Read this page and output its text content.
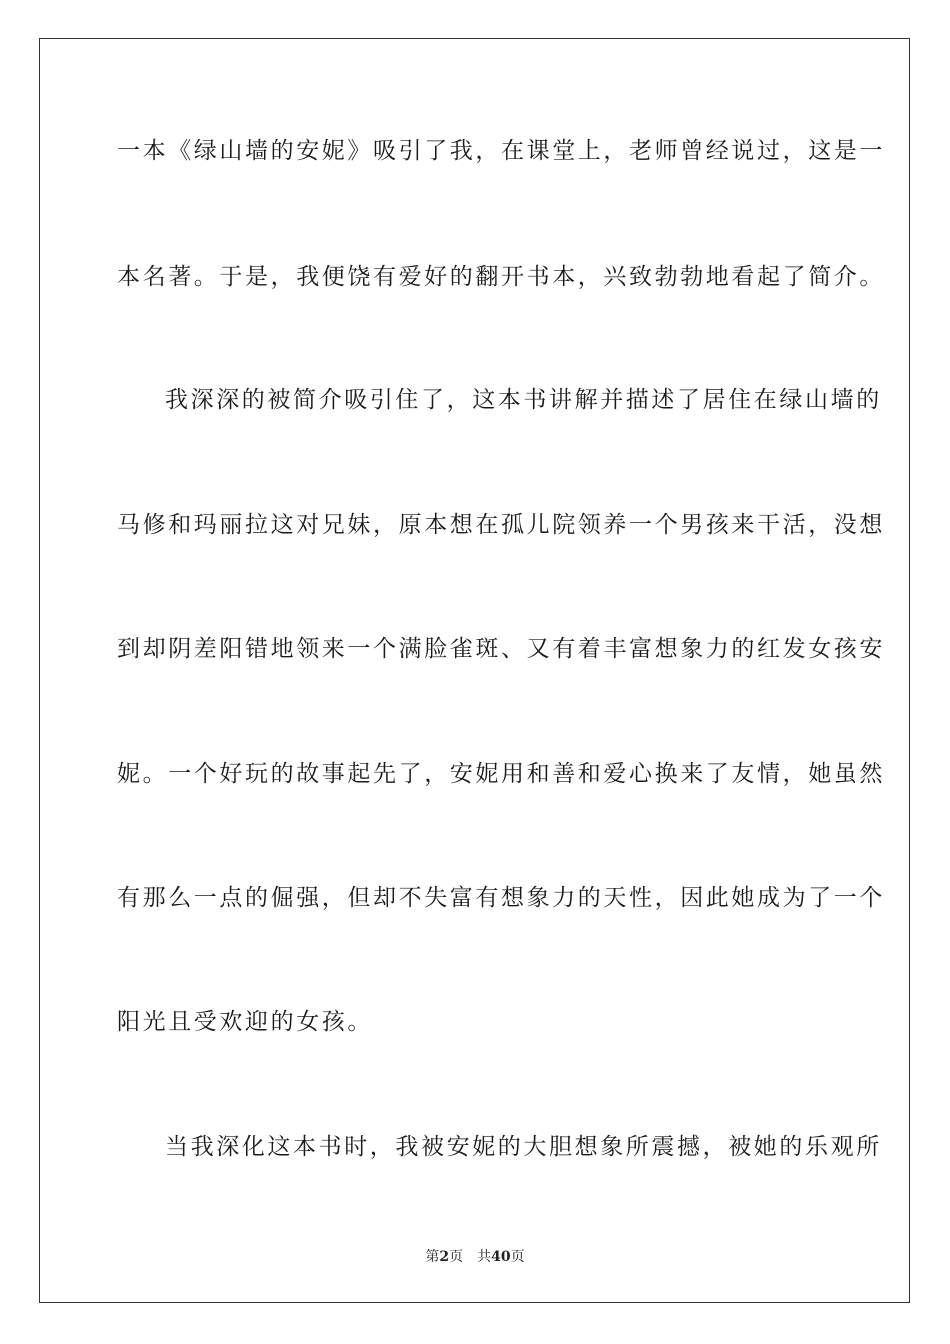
一本《绿山墙的安妮》吸引了我，在课堂上，老师曾经说过，这是一
本名著。于是，我便饶有爱好的翻开书本，兴致勃勃地看起了简介。
我深深的被简介吸引住了，这本书讲解并描述了居住在绿山墙的
马修和玛丽拉这对兄妹，原本想在孤儿院领养一个男孩来干活，没想
到却阴差阳错地领来一个满脸雀斑、又有着丰富想象力的红发女孩安
妮。一个好玩的故事起先了，安妮用和善和爱心换来了友情，她虽然
有那么一点的倔强，但却不失富有想象力的天性，因此她成为了一个
阳光且受欢迎的女孩。
当我深化这本书时，我被安妮的大胆想象所震撼，被她的乐观所
第2页 共40页
